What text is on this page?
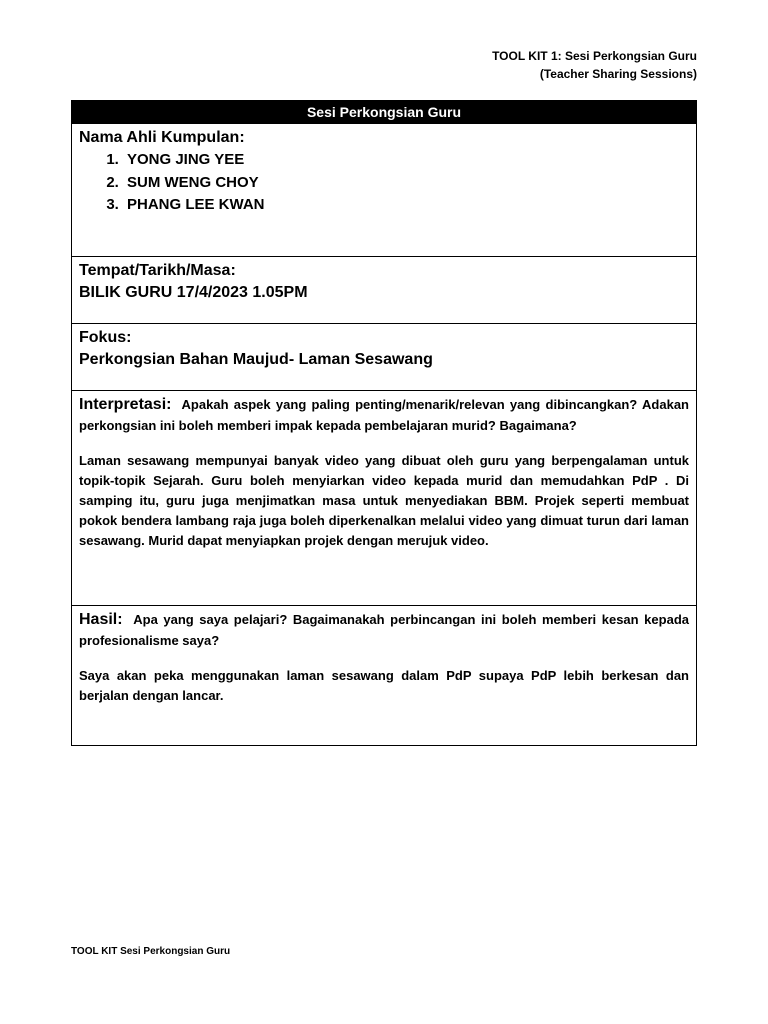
TOOL KIT 1: Sesi Perkongsian Guru
(Teacher Sharing Sessions)
Sesi Perkongsian Guru
Nama Ahli Kumpulan:
1. YONG JING YEE
2. SUM WENG CHOY
3. PHANG LEE KWAN
Tempat/Tarikh/Masa:
BILIK GURU 17/4/2023 1.05PM
Fokus:
Perkongsian Bahan Maujud- Laman Sesawang
Interpretasi: Apakah aspek yang paling penting/menarik/relevan yang dibincangkan? Adakan perkongsian ini boleh memberi impak kepada pembelajaran murid? Bagaimana?
Laman sesawang mempunyai banyak video yang dibuat oleh guru yang berpengalaman untuk topik-topik Sejarah. Guru boleh menyiarkan video kepada murid dan memudahkan PdP . Di samping itu, guru juga menjimatkan masa untuk menyediakan BBM. Projek seperti membuat pokok bendera lambang raja juga boleh diperkenalkan melalui video yang dimuat turun dari laman sesawang. Murid dapat menyiapkan projek dengan merujuk video.
Hasil: Apa yang saya pelajari? Bagaimanakah perbincangan ini boleh memberi kesan kepada profesionalisme saya?
Saya akan peka menggunakan laman sesawang dalam PdP supaya PdP lebih berkesan dan berjalan dengan lancar.
TOOL KIT Sesi Perkongsian Guru
